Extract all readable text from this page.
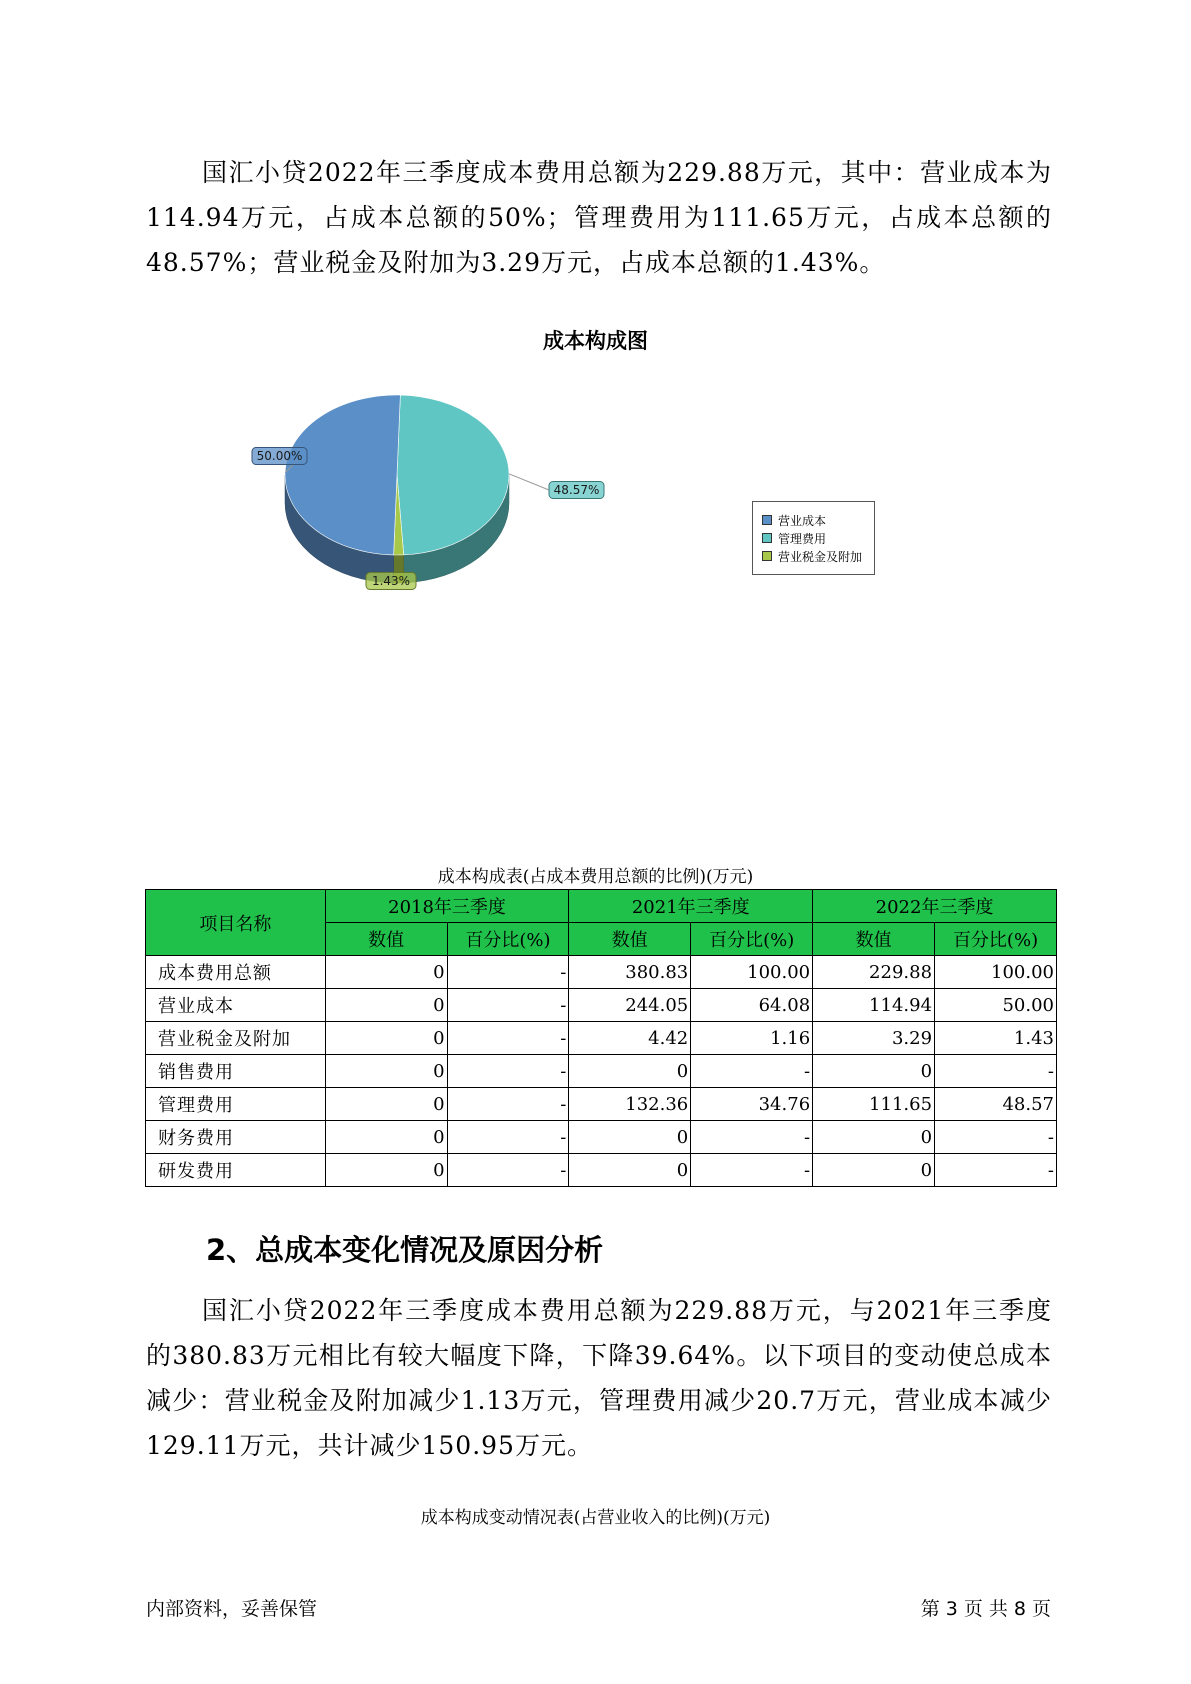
国汇小贷2022年三季度成本费用总额为229.88万元，其中：营业成本为114.94万元，占成本总额的50%；管理费用为111.65万元，占成本总额的48.57%；营业税金及附加为3.29万元，占成本总额的1.43%。

成本构成图
48.57%
1.43%
50.00%
营业成本
管理费用
营业税金及附加
成本构成表(占成本费用总额的比例)(万元)
项目名称	2018年三季度		2021年三季度		2022年三季度	
	数值	百分比(%)	数值	百分比(%)	数值	百分比(%)
成本费用总额	0	-	380.83	100.00	229.88	100.00
营业成本	0	-	244.05	64.08	114.94	50.00
营业税金及附加	0	-	4.42	1.16	3.29	1.43
销售费用	0	-	0	-	0	-
管理费用	0	-	132.36	34.76	111.65	48.57
财务费用	0	-	0	-	0	-
研发费用	0	-	0	-	0	-
2、总成本变化情况及原因分析

国汇小贷2022年三季度成本费用总额为229.88万元，与2021年三季度的380.83万元相比有较大幅度下降，下降39.64%。以下项目的变动使总成本减少：营业税金及附加减少1.13万元，管理费用减少20.7万元，营业成本减少129.11万元，共计减少150.95万元。

成本构成变动情况表(占营业收入的比例)(万元)
内部资料，妥善保管	第 3 页 共 8 页
